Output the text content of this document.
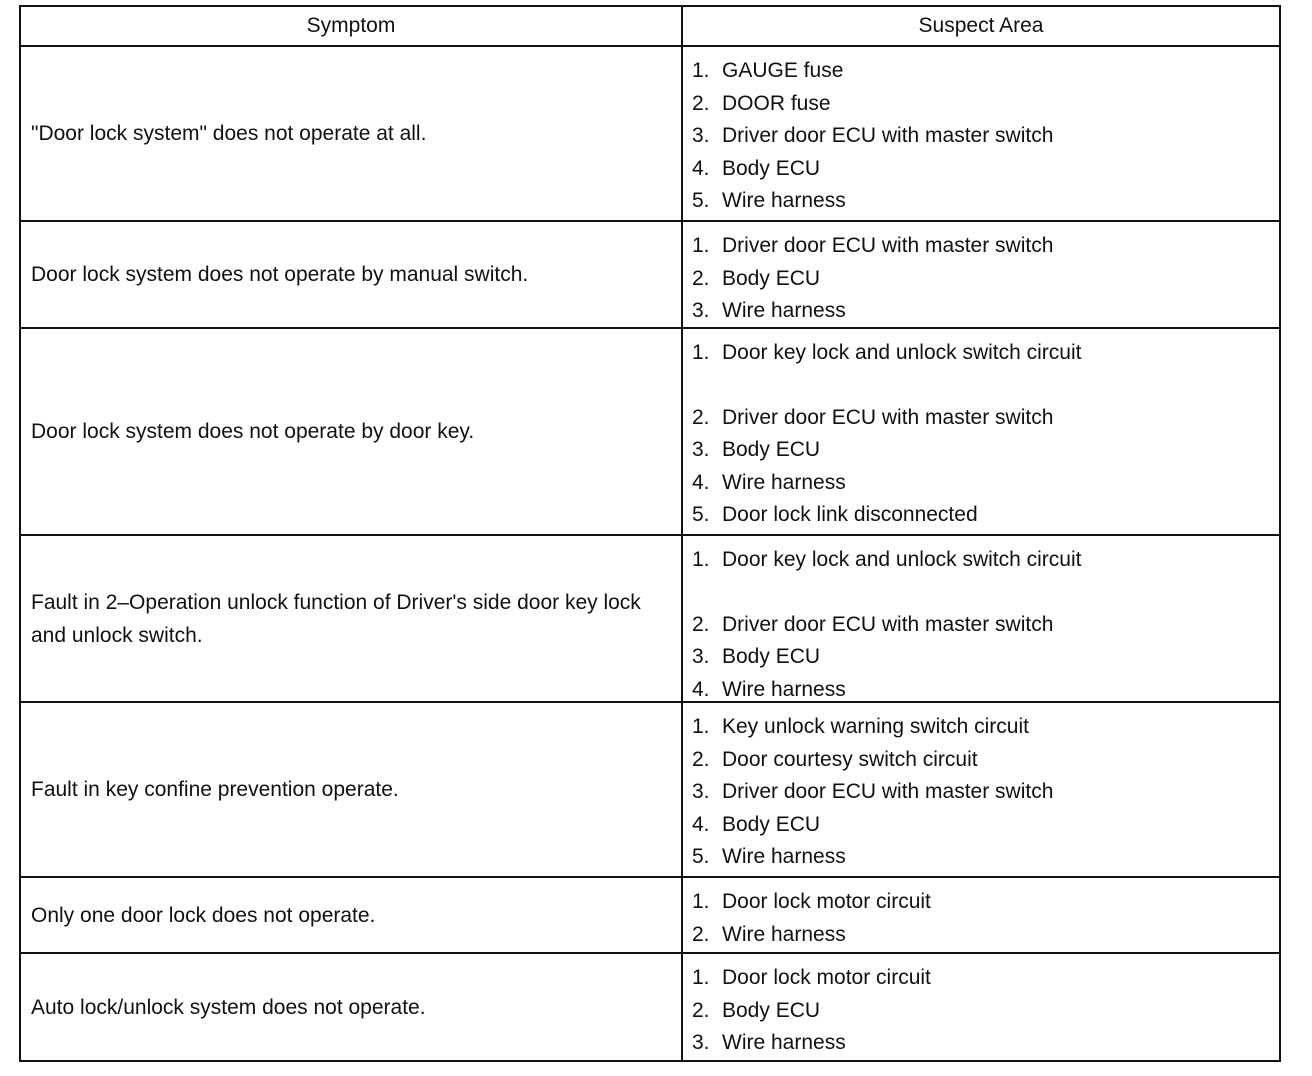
Symptom	Suspect Area
"Door lock system" does not operate at all.
1. GAUGE fuse
2. DOOR fuse
3. Driver door ECU with master switch
4. Body ECU
5. Wire harness
Door lock system does not operate by manual switch.
1. Driver door ECU with master switch
2. Body ECU
3. Wire harness
Door lock system does not operate by door key.
1. Door key lock and unlock switch circuit
2. Driver door ECU with master switch
3. Body ECU
4. Wire harness
5. Door lock link disconnected
Fault in 2–Operation unlock function of Driver's side door key lock and unlock switch.
1. Door key lock and unlock switch circuit
2. Driver door ECU with master switch
3. Body ECU
4. Wire harness
Fault in key confine prevention operate.
1. Key unlock warning switch circuit
2. Door courtesy switch circuit
3. Driver door ECU with master switch
4. Body ECU
5. Wire harness
Only one door lock does not operate.
1. Door lock motor circuit
2. Wire harness
Auto lock/unlock system does not operate.
1. Door lock motor circuit
2. Body ECU
3. Wire harness
